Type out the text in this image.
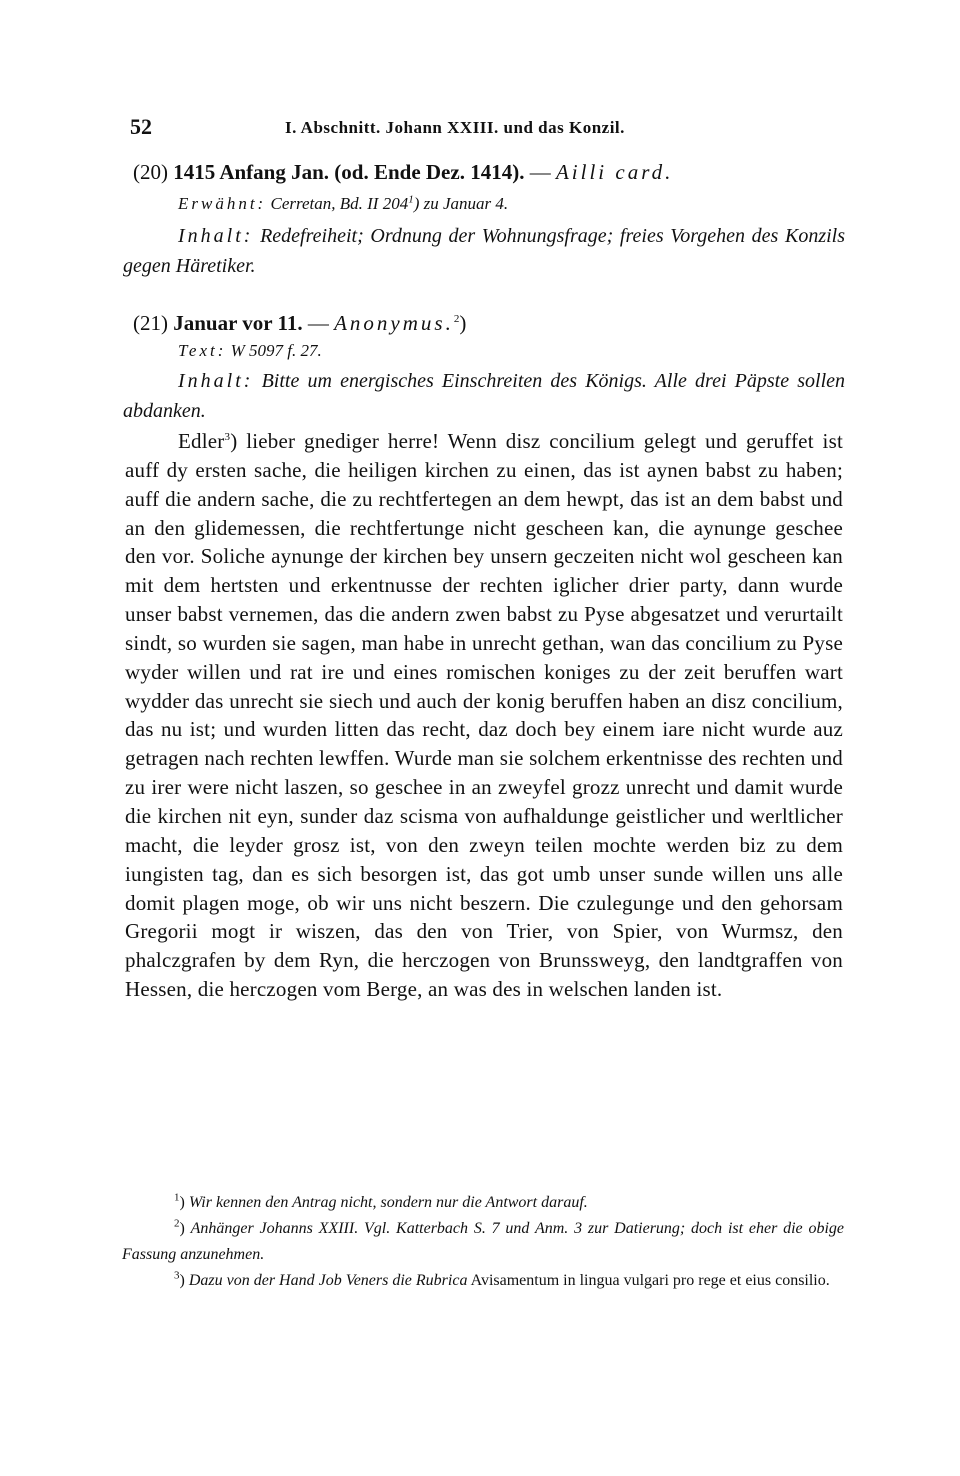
52	I. Abschnitt. Johann XXIII. und das Konzil.
(20) 1415 Anfang Jan. (od. Ende Dez. 1414). — Ailli card.
Erwähnt: Cerretan, Bd. II $204^1$) zu Januar 4.
Inhalt: Redefreiheit; Ordnung der Wohnungsfrage; freies Vorgehen des Konzils gegen Häretiker.
(21) Januar vor 11. — Anonymus.$^2$)
Text: W 5097 f. 27.
Inhalt: Bitte um energisches Einschreiten des Königs. Alle drei Päpste sollen abdanken.
Edler$^3$) lieber gnediger herre! Wenn disz concilium gelegt und geruffet ist auff dy ersten sache, die heiligen kirchen zu einen, das ist aynen babst zu haben; auff die andern sache, die zu rechtfertegen an dem hewpt, das ist an dem babst und an den glidemessen, die rechtfertunge nicht gescheen kan, die aynunge geschee den vor. Soliche aynunge der kirchen bey unsern geczeiten nicht wol gescheen kan mit dem hertsten und erkentnusse der rechten iglicher drier party, dann wurde unser babst vernemen, das die andern zwen babst zu Pyse abgesatzet und verurtailt sindt, so wurden sie sagen, man habe in unrecht gethan, wan das concilium zu Pyse wyder willen und rat ire und eines romischen koniges zu der zeit beruffen wart wydder das unrecht sie siech und auch der konig beruffen haben an disz concilium, das nu ist; und wurden litten das recht, daz doch bey einem iare nicht wurde auz getragen nach rechten lewffen. Wurde man sie solchem erkentnisse des rechten und zu irer were nicht laszen, so geschee in an zweyfel grozz unrecht und damit wurde die kirchen nit eyn, sunder daz scisma von aufhaldunge geistlicher und werltlicher macht, die leyder grosz ist, von den zweyn teilen mochte werden biz zu dem iungisten tag, dan es sich besorgen ist, das got umb unser sunde willen uns alle domit plagen moge, ob wir uns nicht beszern. Die czulegunge und den gehorsam Gregorii mogt ir wiszen, das den von Trier, von Spier, von Wurmsz, den phalczgrafen by dem Ryn, die herczogen von Brunssweyg, den landtgraffen von Hessen, die herczogen vom Berge, an was des in welschen landen ist.
$^1$) Wir kennen den Antrag nicht, sondern nur die Antwort darauf.
$^2$) Anhänger Johanns XXIII. Vgl. Katterbach S. 7 und Anm. 3 zur Datierung; doch ist eher die obige Fassung anzunehmen.
$^3$) Dazu von der Hand Job Veners die Rubrica Avisamentum in lingua vulgari pro rege et eius consilio.
